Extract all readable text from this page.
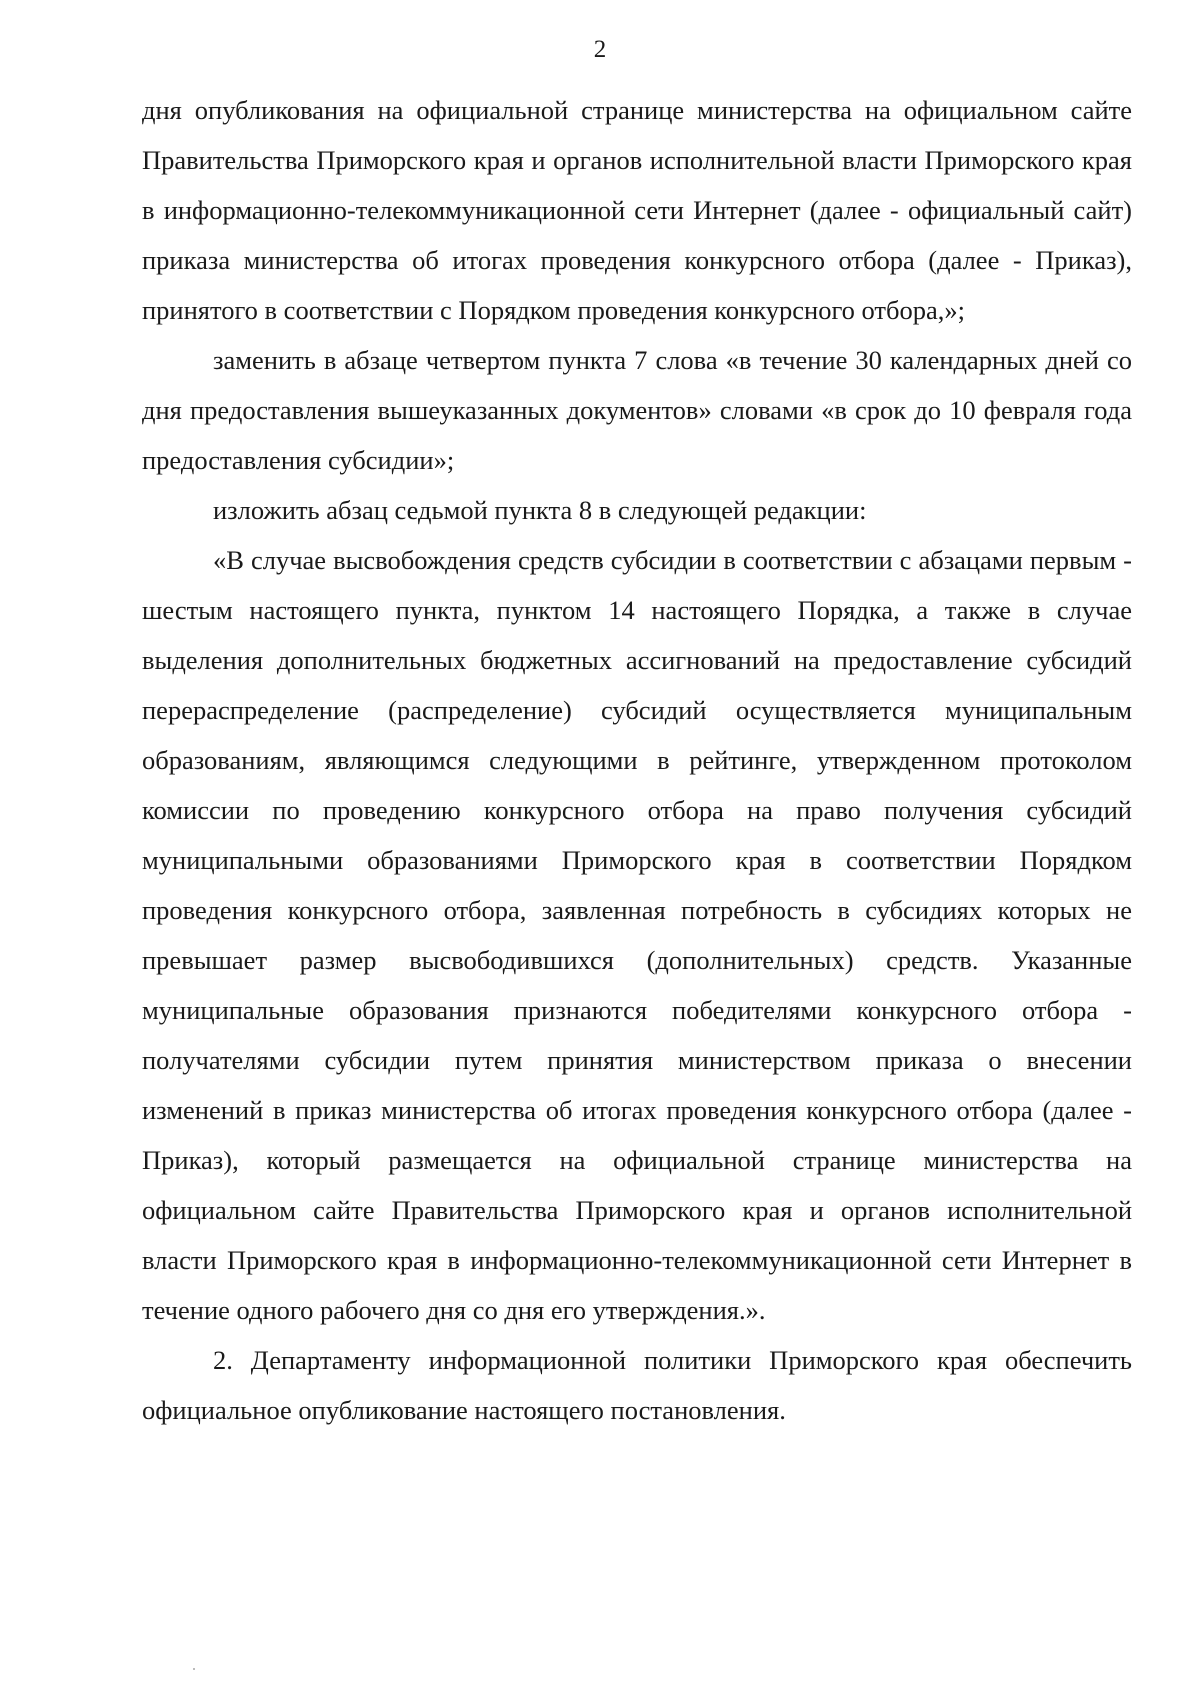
2

дня опубликования на официальной странице министерства на официальном сайте Правительства Приморского края и органов исполнительной власти Приморского края в информационно-телекоммуникационной сети Интернет (далее - официальный сайт) приказа министерства об итогах проведения конкурсного отбора (далее - Приказ), принятого в соответствии с Порядком проведения конкурсного отбора,»;

заменить в абзаце четвертом пункта 7 слова «в течение 30 календарных дней со дня предоставления вышеуказанных документов» словами «в срок до 10 февраля года предоставления субсидии»;

изложить абзац седьмой пункта 8 в следующей редакции:

«В случае высвобождения средств субсидии в соответствии с абзацами первым - шестым настоящего пункта, пунктом 14 настоящего Порядка, а также в случае выделения дополнительных бюджетных ассигнований на предоставление субсидий перераспределение (распределение) субсидий осуществляется муниципальным образованиям, являющимся следующими в рейтинге, утвержденном протоколом комиссии по проведению конкурсного отбора на право получения субсидий муниципальными образованиями Приморского края в соответствии Порядком проведения конкурсного отбора, заявленная потребность в субсидиях которых не превышает размер высвободившихся (дополнительных) средств. Указанные муниципальные образования признаются победителями конкурсного отбора - получателями субсидии путем принятия министерством приказа о внесении изменений в приказ министерства об итогах проведения конкурсного отбора (далее - Приказ), который размещается на официальной странице министерства на официальном сайте Правительства Приморского края и органов исполнительной власти Приморского края в информационно-телекоммуникационной сети Интернет в течение одного рабочего дня со дня его утверждения.».

2. Департаменту информационной политики Приморского края обеспечить официальное опубликование настоящего постановления.
